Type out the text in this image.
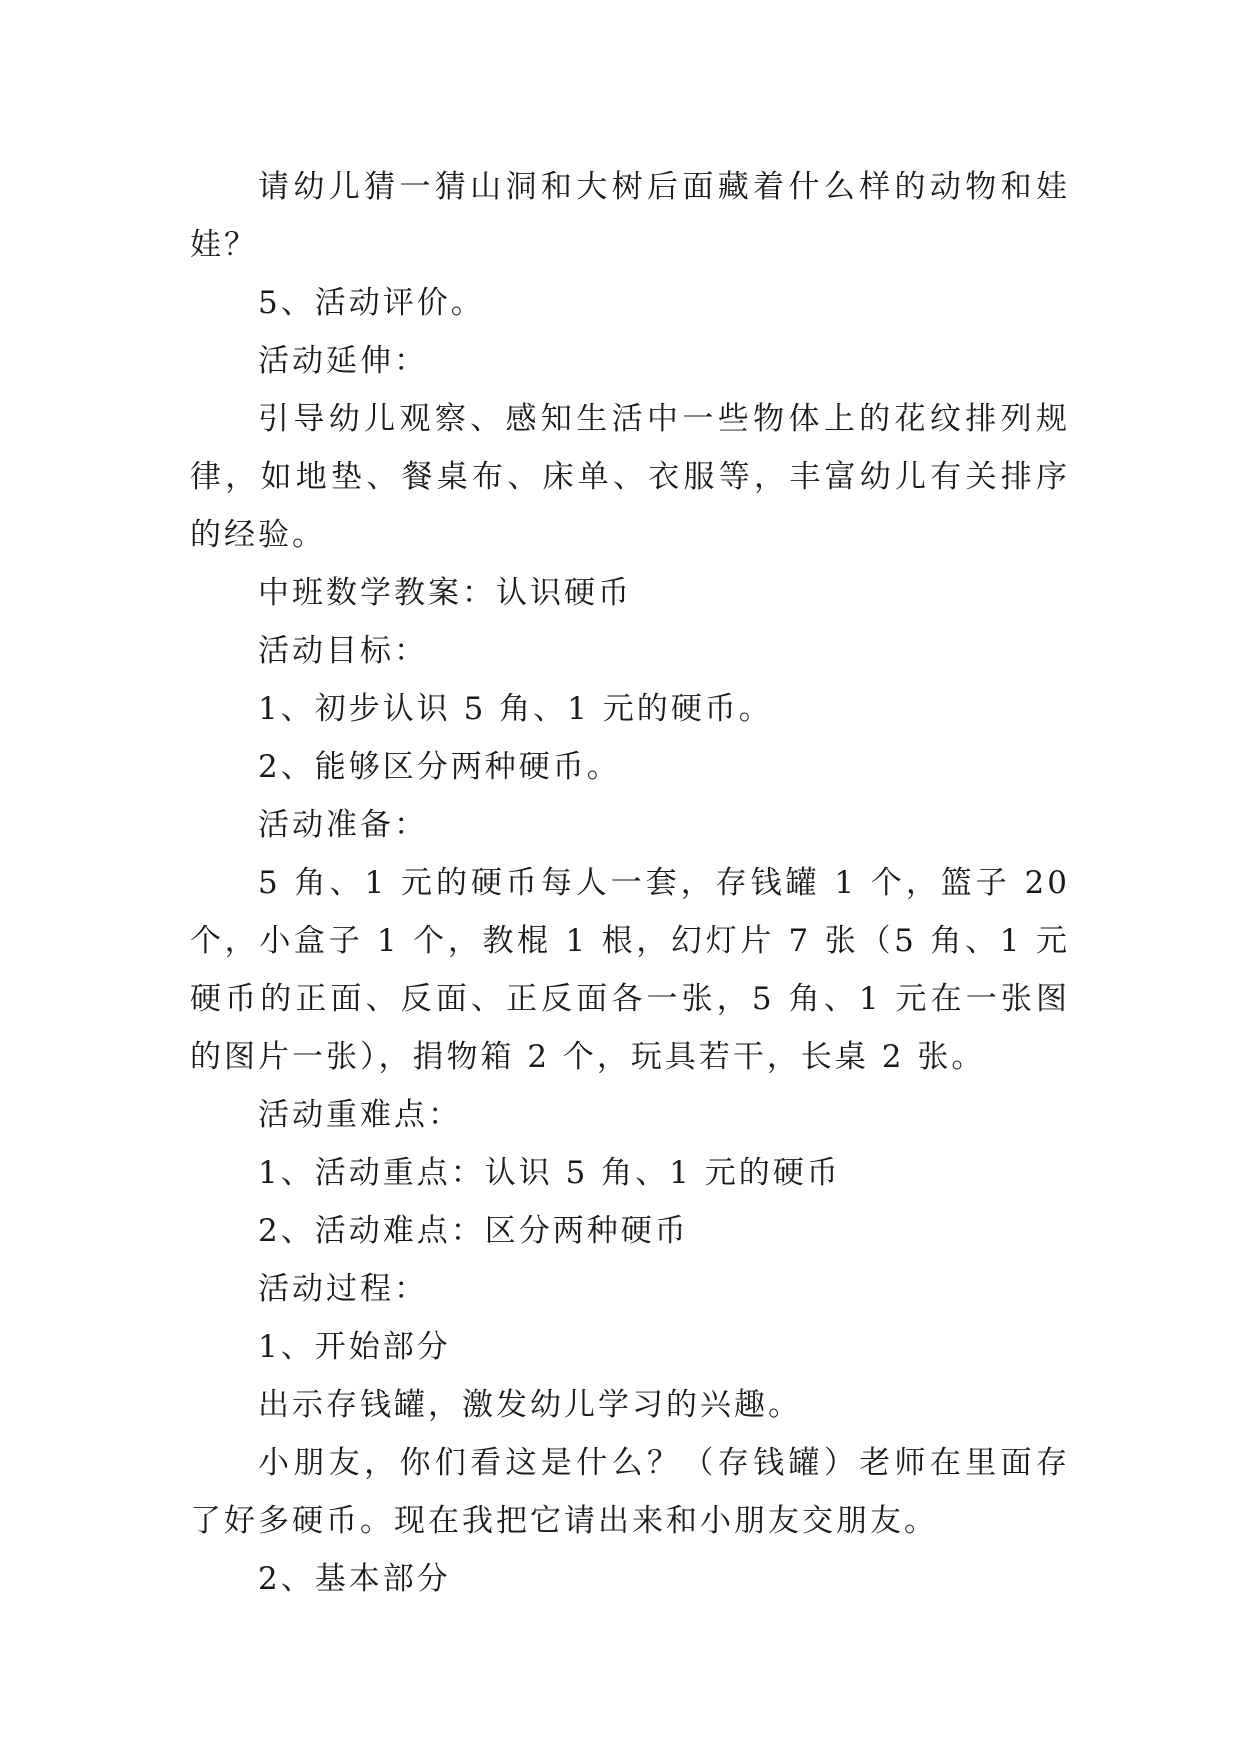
请幼儿猜一猜山洞和大树后面藏着什么样的动物和娃娃？

5、活动评价。

活动延伸：

引导幼儿观察、感知生活中一些物体上的花纹排列规律，如地垫、餐桌布、床单、衣服等，丰富幼儿有关排序的经验。

中班数学教案：认识硬币

活动目标：

1、初步认识 5 角、1 元的硬币。

2、能够区分两种硬币。

活动准备：

5 角、1 元的硬币每人一套，存钱罐 1 个，篮子 20 个，小盒子 1 个，教棍 1 根，幻灯片 7 张（5 角、1 元硬币的正面、反面、正反面各一张，5 角、1 元在一张图的图片一张），捐物箱 2 个，玩具若干，长桌 2 张。

活动重难点：

1、活动重点：认识 5 角、1 元的硬币

2、活动难点：区分两种硬币

活动过程：

1、开始部分

出示存钱罐，激发幼儿学习的兴趣。

小朋友，你们看这是什么？（存钱罐）老师在里面存了好多硬币。现在我把它请出来和小朋友交朋友。

2、基本部分
